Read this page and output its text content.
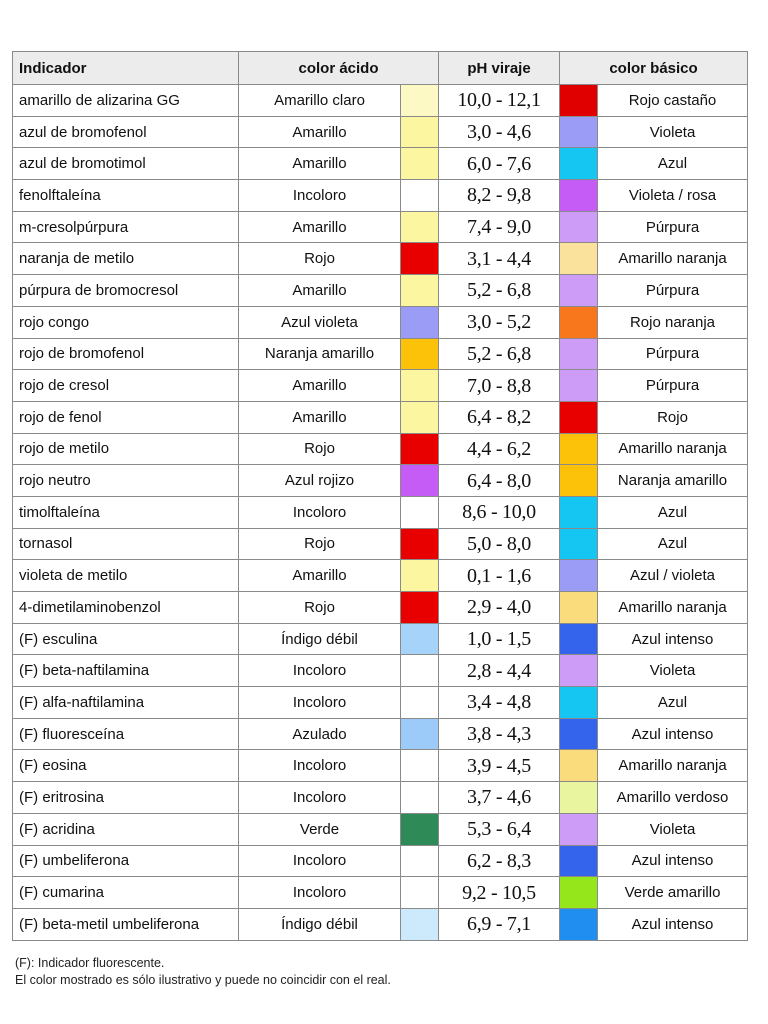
Indicador	color ácido		pH viraje	color básico	
amarillo de alizarina GG	Amarillo claro		10,0 - 12,1		Rojo castaño
azul de bromofenol	Amarillo		3,0 - 4,6		Violeta
azul de bromotimol	Amarillo		6,0 - 7,6		Azul
fenolftaleína	Incoloro		8,2 - 9,8		Violeta / rosa
m-cresolpúrpura	Amarillo		7,4 - 9,0		Púrpura
naranja de metilo	Rojo		3,1 - 4,4		Amarillo naranja
púrpura de bromocresol	Amarillo		5,2 - 6,8		Púrpura
rojo congo	Azul violeta		3,0 - 5,2		Rojo naranja
rojo de bromofenol	Naranja amarillo		5,2 - 6,8		Púrpura
rojo de cresol	Amarillo		7,0 - 8,8		Púrpura
rojo de fenol	Amarillo		6,4 - 8,2		Rojo
rojo de metilo	Rojo		4,4 - 6,2		Amarillo naranja
rojo neutro	Azul rojizo		6,4 - 8,0		Naranja amarillo
timolftaleína	Incoloro		8,6 - 10,0		Azul
tornasol	Rojo		5,0 - 8,0		Azul
violeta de metilo	Amarillo		0,1 - 1,6		Azul / violeta
4-dimetilaminobenzol	Rojo		2,9 - 4,0		Amarillo naranja
(F) esculina	Índigo débil		1,0 - 1,5		Azul intenso
(F) beta-naftilamina	Incoloro		2,8 - 4,4		Violeta
(F) alfa-naftilamina	Incoloro		3,4 - 4,8		Azul
(F) fluoresceína	Azulado		3,8 - 4,3		Azul intenso
(F) eosina	Incoloro		3,9 - 4,5		Amarillo naranja
(F) eritrosina	Incoloro		3,7 - 4,6		Amarillo verdoso
(F) acridina	Verde		5,3 - 6,4		Violeta
(F) umbeliferona	Incoloro		6,2 - 8,3		Azul intenso
(F) cumarina	Incoloro		9,2 - 10,5		Verde amarillo
(F) beta-metil umbeliferona	Índigo débil		6,9 - 7,1		Azul intenso
(F): Indicador fluorescente.
El color mostrado es sólo ilustrativo y puede no coincidir con el real.
